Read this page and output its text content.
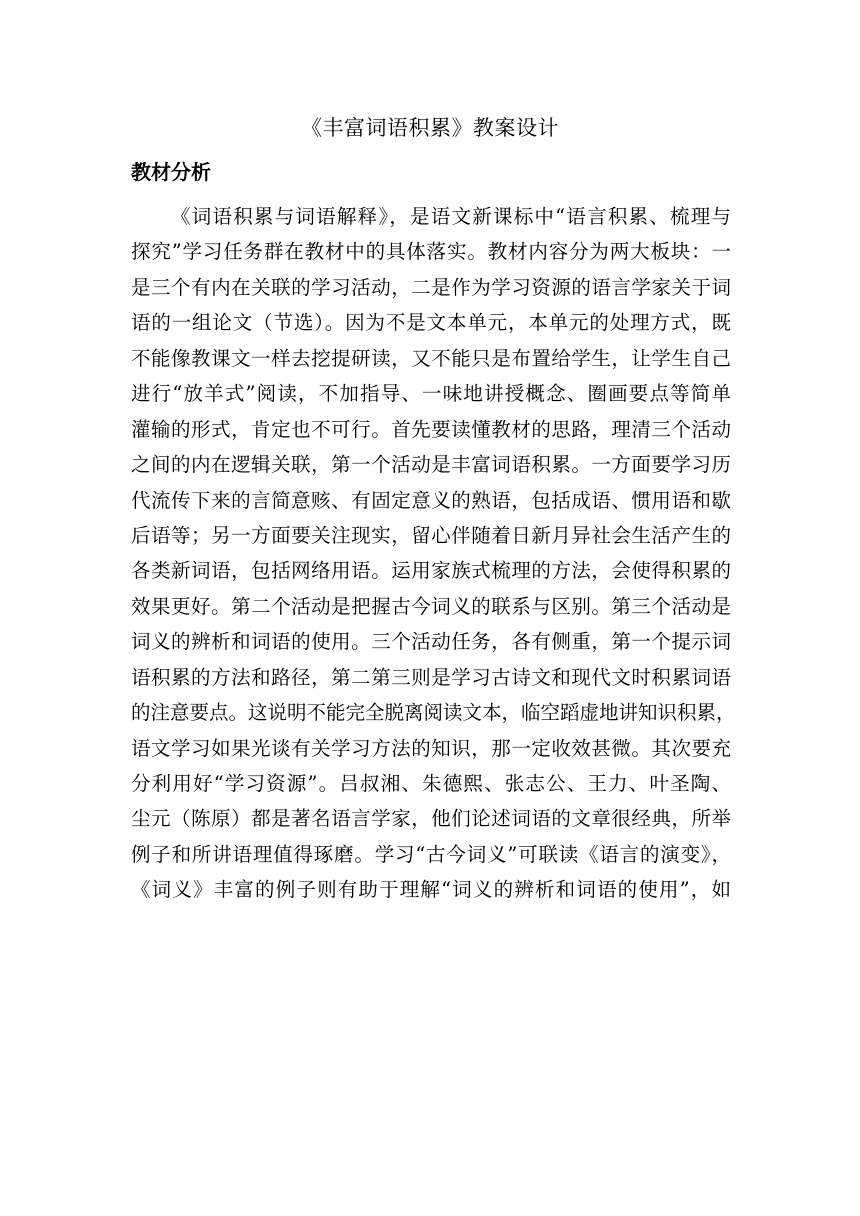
《丰富词语积累》教案设计
教材分析
《词语积累与词语解释》，是语文新课标中“语言积累、梳理与
探究”学习任务群在教材中的具体落实。教材内容分为两大板块：一
是三个有内在关联的学习活动，二是作为学习资源的语言学家关于词
语的一组论文（节选）。因为不是文本单元，本单元的处理方式，既
不能像教课文一样去挖提研读，又不能只是布置给学生，让学生自己
进行“放羊式”阅读，不加指导、一味地讲授概念、圈画要点等简单
灌输的形式，肯定也不可行。首先要读懂教材的思路，理清三个活动
之间的内在逻辑关联，第一个活动是丰富词语积累。一方面要学习历
代流传下来的言简意赅、有固定意义的熟语，包括成语、惯用语和歇
后语等；另一方面要关注现实，留心伴随着日新月异社会生活产生的
各类新词语，包括网络用语。运用家族式梳理的方法，会使得积累的
效果更好。第二个活动是把握古今词义的联系与区别。第三个活动是
词义的辨析和词语的使用。三个活动任务，各有侧重，第一个提示词
语积累的方法和路径，第二第三则是学习古诗文和现代文时积累词语
的注意要点。这说明不能完全脱离阅读文本，临空蹈虚地讲知识积累，
语文学习如果光谈有关学习方法的知识，那一定收效甚微。其次要充
分利用好“学习资源”。吕叔湘、朱德熙、张志公、王力、叶圣陶、
尘元（陈原）都是著名语言学家，他们论述词语的文章很经典，所举
例子和所讲语理值得琢磨。学习“古今词义”可联读《语言的演变》，
《词义》丰富的例子则有助于理解“词义的辨析和词语的使用”，如
